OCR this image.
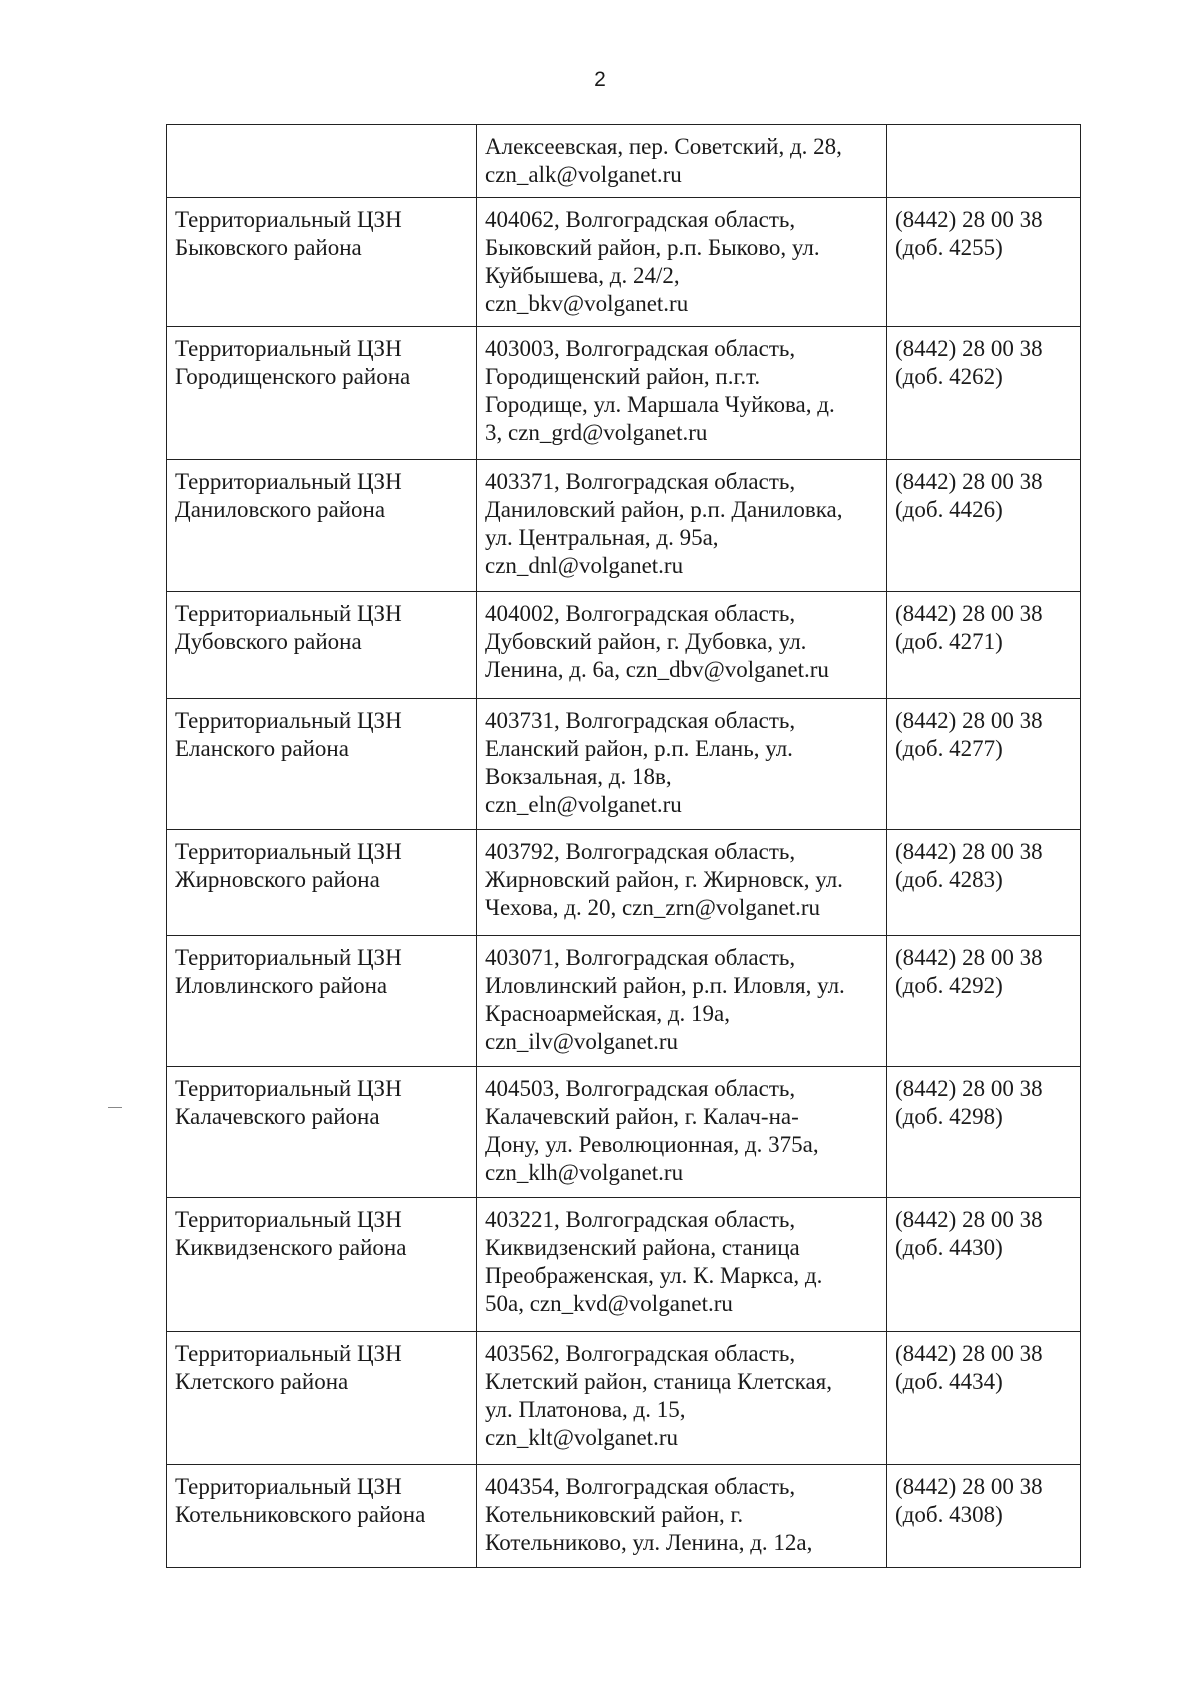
2

	Алексеевская, пер. Советский, д. 28,
czn_alk@volganet.ru	

Территориальный ЦЗН
Быковского района	404062, Волгоградская область,
Быковский район, р.п. Быково, ул.
Куйбышева, д. 24/2,
czn_bkv@volganet.ru	(8442) 28 00 38
(доб. 4255)

Территориальный ЦЗН
Городищенского района	403003, Волгоградская область,
Городищенский район, п.г.т.
Городище, ул. Маршала Чуйкова, д.
3, czn_grd@volganet.ru	(8442) 28 00 38
(доб. 4262)

Территориальный ЦЗН
Даниловского района	403371, Волгоградская область,
Даниловский район, р.п. Даниловка,
ул. Центральная, д. 95а,
czn_dnl@volganet.ru	(8442) 28 00 38
(доб. 4426)

Территориальный ЦЗН
Дубовского района	404002, Волгоградская область,
Дубовский район, г. Дубовка, ул.
Ленина, д. 6а, czn_dbv@volganet.ru	(8442) 28 00 38
(доб. 4271)

Территориальный ЦЗН
Еланского района	403731, Волгоградская область,
Еланский район, р.п. Елань, ул.
Вокзальная, д. 18в,
czn_eln@volganet.ru	(8442) 28 00 38
(доб. 4277)

Территориальный ЦЗН
Жирновского района	403792, Волгоградская область,
Жирновский район, г. Жирновск, ул.
Чехова, д. 20, czn_zrn@volganet.ru	(8442) 28 00 38
(доб. 4283)

Территориальный ЦЗН
Иловлинского района	403071, Волгоградская область,
Иловлинский район, р.п. Иловля, ул.
Красноармейская, д. 19а,
czn_ilv@volganet.ru	(8442) 28 00 38
(доб. 4292)

Территориальный ЦЗН
Калачевского района	404503, Волгоградская область,
Калачевский район, г. Калач-на-
Дону, ул. Революционная, д. 375а,
czn_klh@volganet.ru	(8442) 28 00 38
(доб. 4298)

Территориальный ЦЗН
Киквидзенского района	403221, Волгоградская область,
Киквидзенский района, станица
Преображенская, ул. К. Маркса, д.
50а, czn_kvd@volganet.ru	(8442) 28 00 38
(доб. 4430)

Территориальный ЦЗН
Клетского района	403562, Волгоградская область,
Клетский район, станица Клетская,
ул. Платонова, д. 15,
czn_klt@volganet.ru	(8442) 28 00 38
(доб. 4434)

Территориальный ЦЗН
Котельниковского района	404354, Волгоградская область,
Котельниковский район, г.
Котельниково, ул. Ленина, д. 12а,	(8442) 28 00 38
(доб. 4308)
